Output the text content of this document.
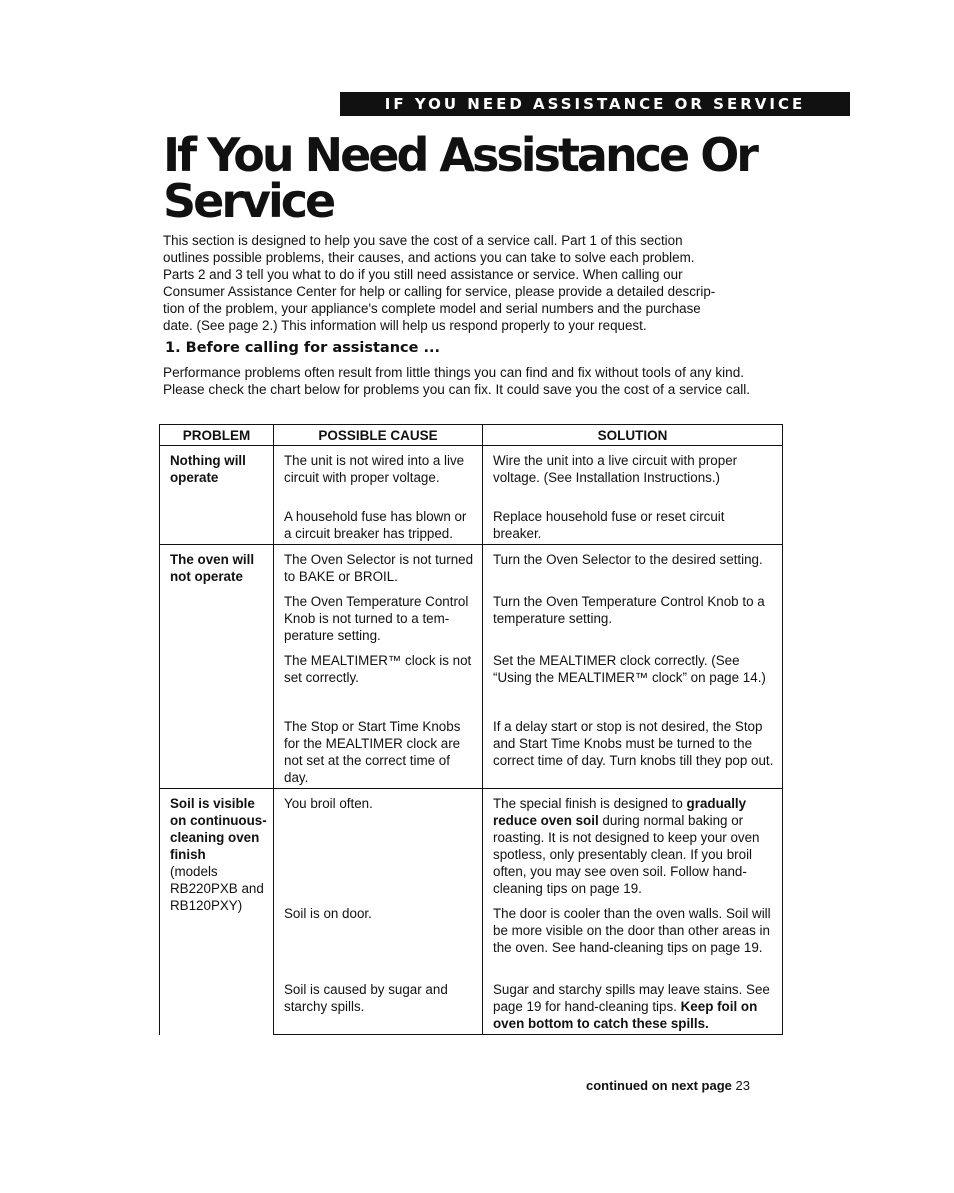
IF YOU NEED ASSISTANCE OR SERVICE
If You Need Assistance Or
Service

This section is designed to help you save the cost of a service call. Part 1 of this section

outlines possible problems, their causes, and actions you can take to solve each problem.

Parts 2 and 3 tell you what to do if you still need assistance or service. When calling our

Consumer Assistance Center for help or calling for service, please provide a detailed descrip-

tion of the problem, your appliance's complete model and serial numbers and the purchase

date. (See page 2.) This information will help us respond properly to your request.

1. Before calling for assistance ...

Performance problems often result from little things you can find and fix without tools of any kind. Please check the chart below for problems you can fix. It could save you the cost of a service call.

PROBLEM	POSSIBLE CAUSE	SOLUTION
Nothing will operate	The unit is not wired into a live circuit with proper voltage.	Wire the unit into a live circuit with proper voltage. (See Installation Instructions.)
	A household fuse has blown or a circuit breaker has tripped.	Replace household fuse or reset circuit breaker.
The oven will not operate	The Oven Selector is not turned to BAKE or BROIL.	Turn the Oven Selector to the desired setting.
	The Oven Temperature Control Knob is not turned to a tem-perature setting.	Turn the Oven Temperature Control Knob to a temperature setting.
	The MEALTIMER™ clock is not set correctly.	Set the MEALTIMER clock correctly. (See “Using the MEALTIMER™ clock” on page 14.)
	The Stop or Start Time Knobs for the MEALTIMER clock are not set at the correct time of day.	If a delay start or stop is not desired, the Stop and Start Time Knobs must be turned to the correct time of day. Turn knobs till they pop out.
Soil is visible on continuous-cleaning oven finish
(models RB220PXB and RB120PXY)	You broil often.	The special finish is designed to gradually reduce oven soil during normal baking or roasting. It is not designed to keep your oven spotless, only presentably clean. If you broil often, you may see oven soil. Follow hand-cleaning tips on page 19.
	Soil is on door.	The door is cooler than the oven walls. Soil will be more visible on the door than other areas in the oven. See hand-cleaning tips on page 19.
	Soil is caused by sugar and starchy spills.	Sugar and starchy spills may leave stains. See page 19 for hand-cleaning tips. Keep foil on oven bottom to catch these spills.
continued on next page 23
